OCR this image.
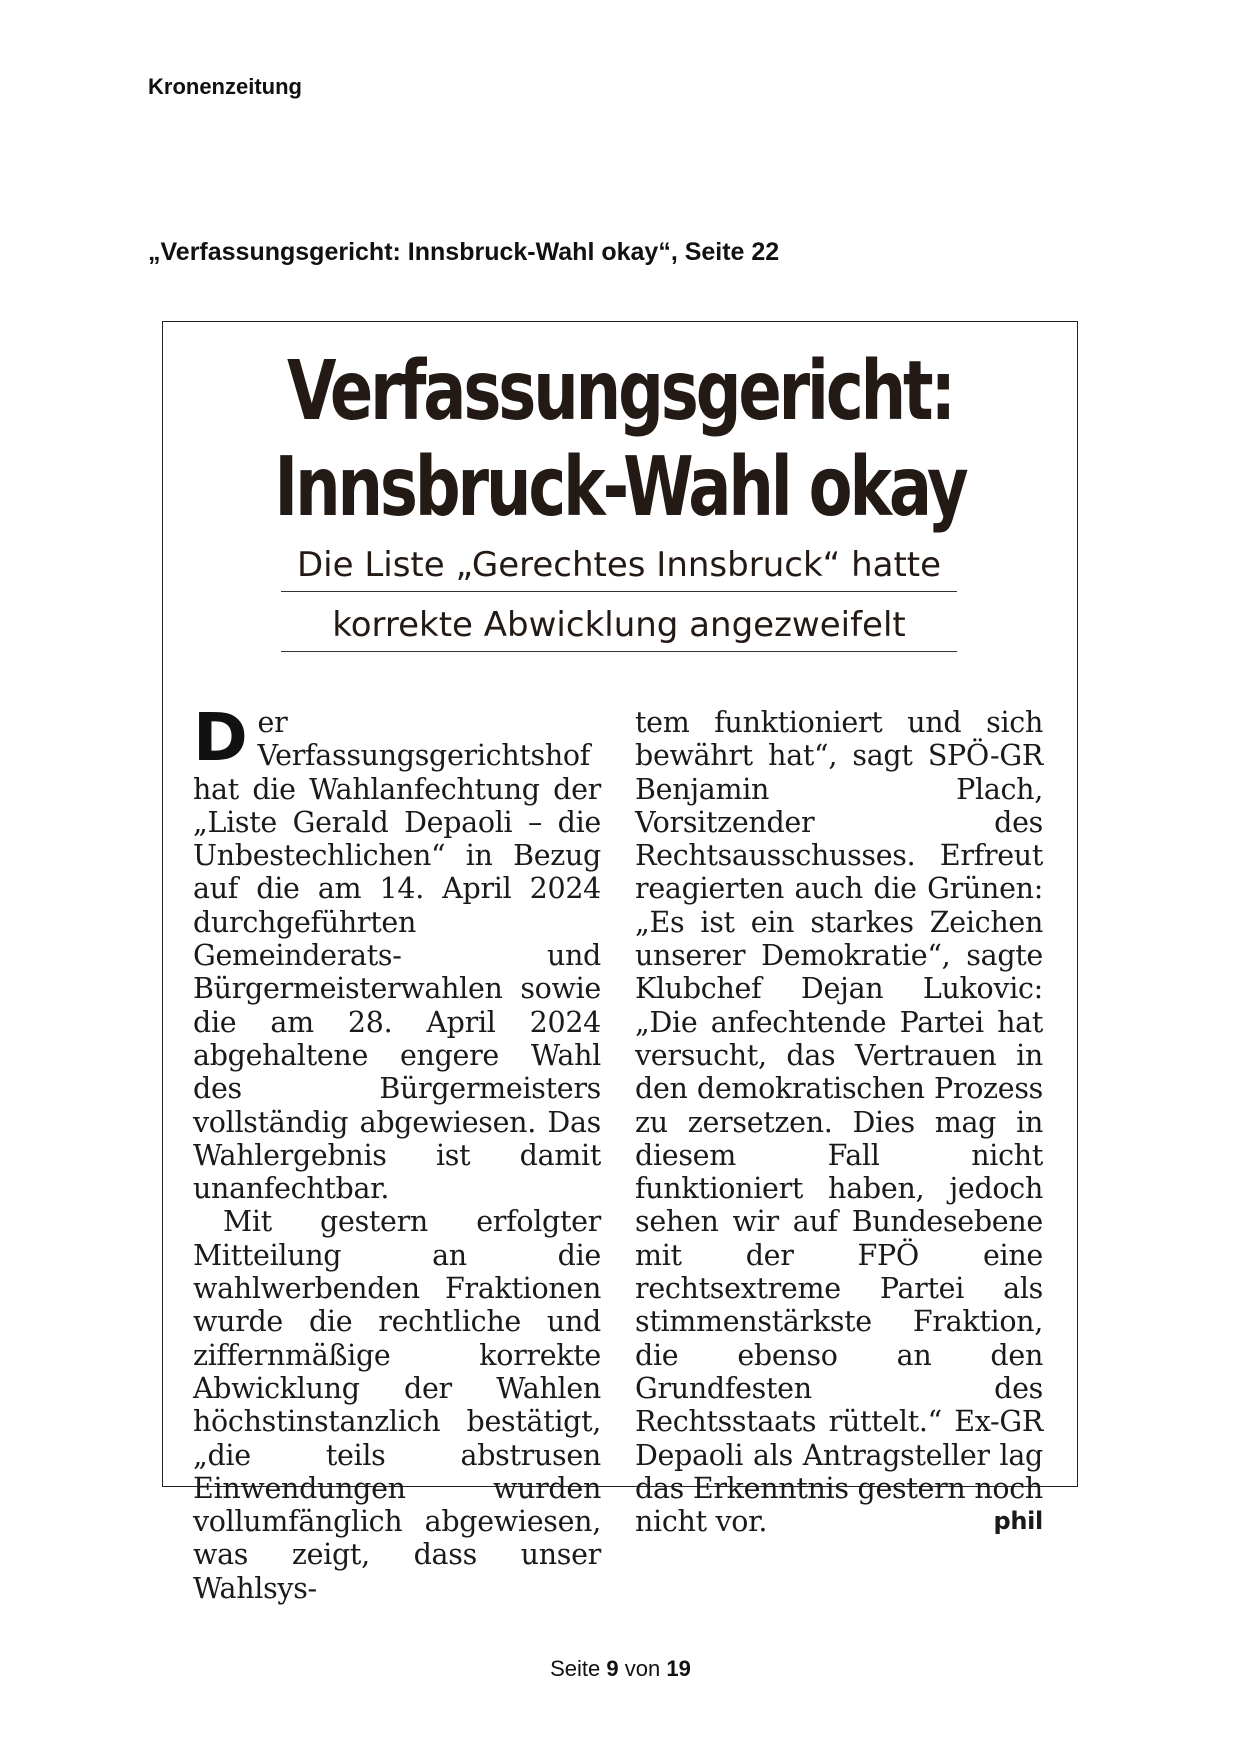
Kronenzeitung
„Verfassungsgericht: Innsbruck-Wahl okay“, Seite 22
Verfassungsgericht:
Innsbruck-Wahl okay
Die Liste „Gerechtes Innsbruck“ hatte
korrekte Abwicklung angezweifelt

Der Verfassungsgerichtshof hat die Wahlanfechtung der „Liste Gerald Depaoli – die Unbestechlichen“ in Bezug auf die am 14. April 2024 durchgeführten Gemeinderats- und Bürgermeisterwahlen sowie die am 28. April 2024 abgehaltene engere Wahl des Bürgermeisters vollständig abgewiesen. Das Wahlergebnis ist damit unanfechtbar.

Mit gestern erfolgter Mitteilung an die wahlwerbenden Fraktionen wurde die rechtliche und ziffernmäßige korrekte Abwicklung der Wahlen höchstinstanzlich bestätigt, „die teils abstrusen Einwendungen wurden vollumfänglich abgewiesen, was zeigt, dass unser Wahlsys-

tem funktioniert und sich bewährt hat“, sagt SPÖ-GR Benjamin Plach, Vorsitzender des Rechtsausschusses. Erfreut reagierten auch die Grünen: „Es ist ein starkes Zeichen unserer Demokratie“, sagte Klubchef Dejan Lukovic: „Die anfechtende Partei hat versucht, das Vertrauen in den demokratischen Prozess zu zersetzen. Dies mag in diesem Fall nicht funktioniert haben, jedoch sehen wir auf Bundesebene mit der FPÖ eine rechtsextreme Partei als stimmenstärkste Fraktion, die ebenso an den Grundfesten des Rechtsstaats rüttelt.“ Ex-GR Depaoli als Antragsteller lag das Erkenntnis gestern noch nicht vor.	phil

Seite 9 von 19
